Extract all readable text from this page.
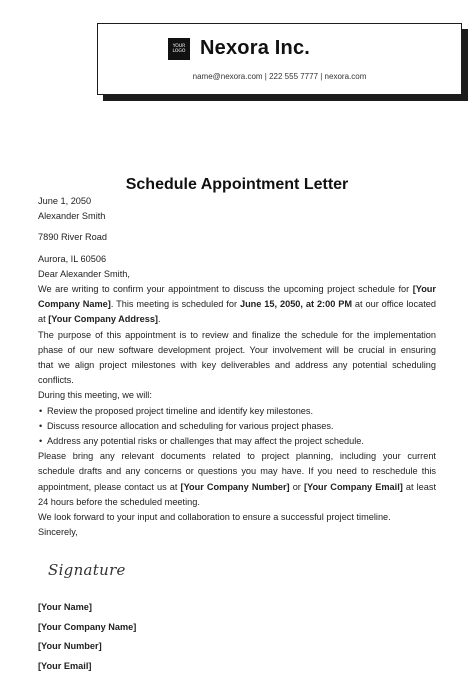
YOUR
LOGO Nexora Inc.
name@nexora.com | 222 555 7777 | nexora.com
Schedule Appointment Letter
June 1, 2050
Alexander Smith
7890 River Road
Aurora, IL 60506
Dear Alexander Smith,
We are writing to confirm your appointment to discuss the upcoming project schedule for [Your
Company Name]. This meeting is scheduled for June 15, 2050, at 2:00 PM at our office located
at [Your Company Address].
The purpose of this appointment is to review and finalize the schedule for the implementation
phase of our new software development project. Your involvement will be crucial in ensuring
that we align project milestones with key deliverables and address any potential scheduling
conflicts.
During this meeting, we will:
• Review the proposed project timeline and identify key milestones.
• Discuss resource allocation and scheduling for various project phases.
• Address any potential risks or challenges that may affect the project schedule.
Please bring any relevant documents related to project planning, including your current
schedule drafts and any concerns or questions you may have. If you need to reschedule this
appointment, please contact us at [Your Company Number] or [Your Company Email] at least
24 hours before the scheduled meeting.
We look forward to your input and collaboration to ensure a successful project timeline.
Sincerely,
Signature
[Your Name]
[Your Company Name]
[Your Number]
[Your Email]
